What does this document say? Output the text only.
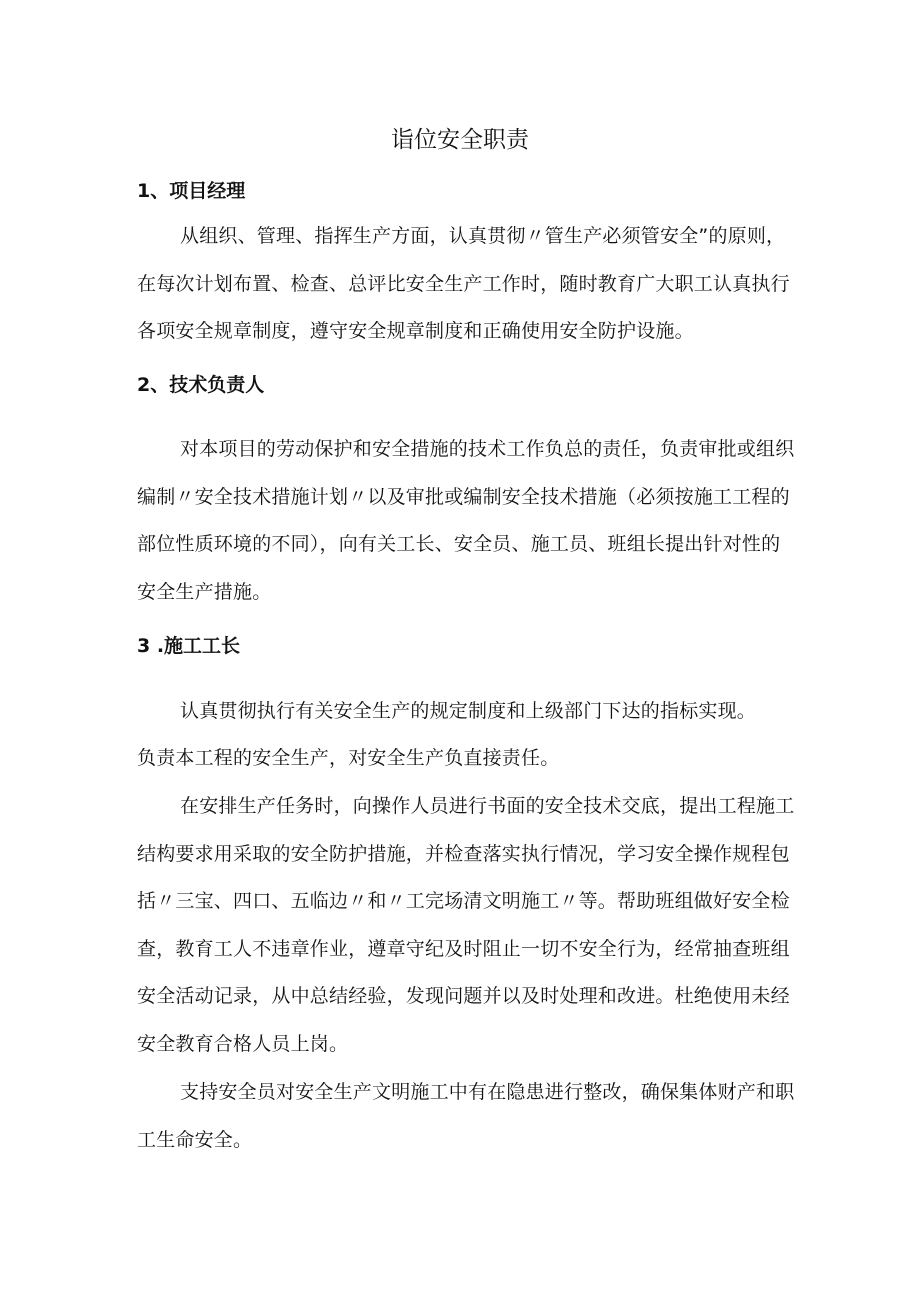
诣位安全职责
1、项目经理

从组织、管理、指挥生产方面，认真贯彻〃管生产必须管安全”的原则，在每次计划布置、检查、总评比安全生产工作时，随时教育广大职工认真执行各项安全规章制度，遵守安全规章制度和正确使用安全防护设施。

2、技术负责人

对本项目的劳动保护和安全措施的技术工作负总的责任，负责审批或组织编制〃安全技术措施计划〃以及审批或编制安全技术措施（必须按施工工程的部位性质环境的不同），向有关工长、安全员、施工员、班组长提出针对性的安全生产措施。

3 .施工工长

认真贯彻执行有关安全生产的规定制度和上级部门下达的指标实现。

负责本工程的安全生产，对安全生产负直接责任。

在安排生产任务时，向操作人员进行书面的安全技术交底，提出工程施工结构要求用采取的安全防护措施，并检查落实执行情况，学习安全操作规程包括〃三宝、四口、五临边〃和〃工完场清文明施工〃等。帮助班组做好安全检查，教育工人不违章作业，遵章守纪及时阻止一切不安全行为，经常抽查班组安全活动记录，从中总结经验，发现问题并以及时处理和改进。杜绝使用未经安全教育合格人员上岗。

支持安全员对安全生产文明施工中有在隐患进行整改，确保集体财产和职工生命安全。
